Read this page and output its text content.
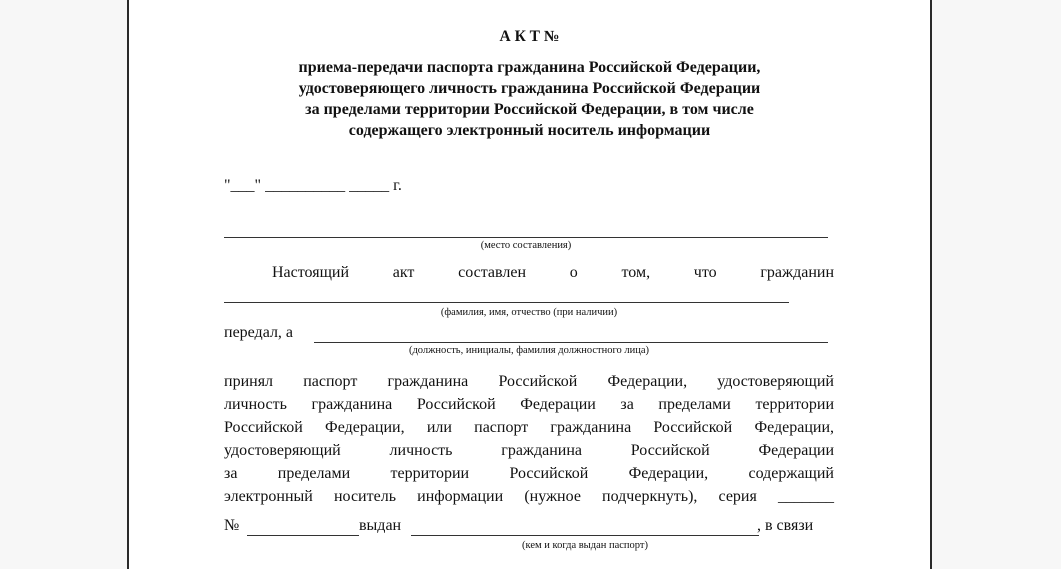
А К Т №
приема-передачи паспорта гражданина Российской Федерации,
удостоверяющего личность гражданина Российской Федерации
за пределами территории Российской Федерации, в том числе
содержащего электронный носитель информации
"___" __________ _____ г.
(место составления)
Настоящий акт составлен о том, что гражданин
(фамилия, имя, отчество (при наличии)
передал, а
(должность, инициалы, фамилия должностного лица)
принял паспорт гражданина Российской Федерации, удостоверяющий
личность гражданина Российской Федерации за пределами территории
Российской Федерации, или паспорт гражданина Российской Федерации,
удостоверяющий личность гражданина Российской Федерации
за пределами территории Российской Федерации, содержащий
электронный носитель информации (нужное подчеркнуть), серия _______
№	выдан	, в связи
(кем и когда выдан паспорт)
